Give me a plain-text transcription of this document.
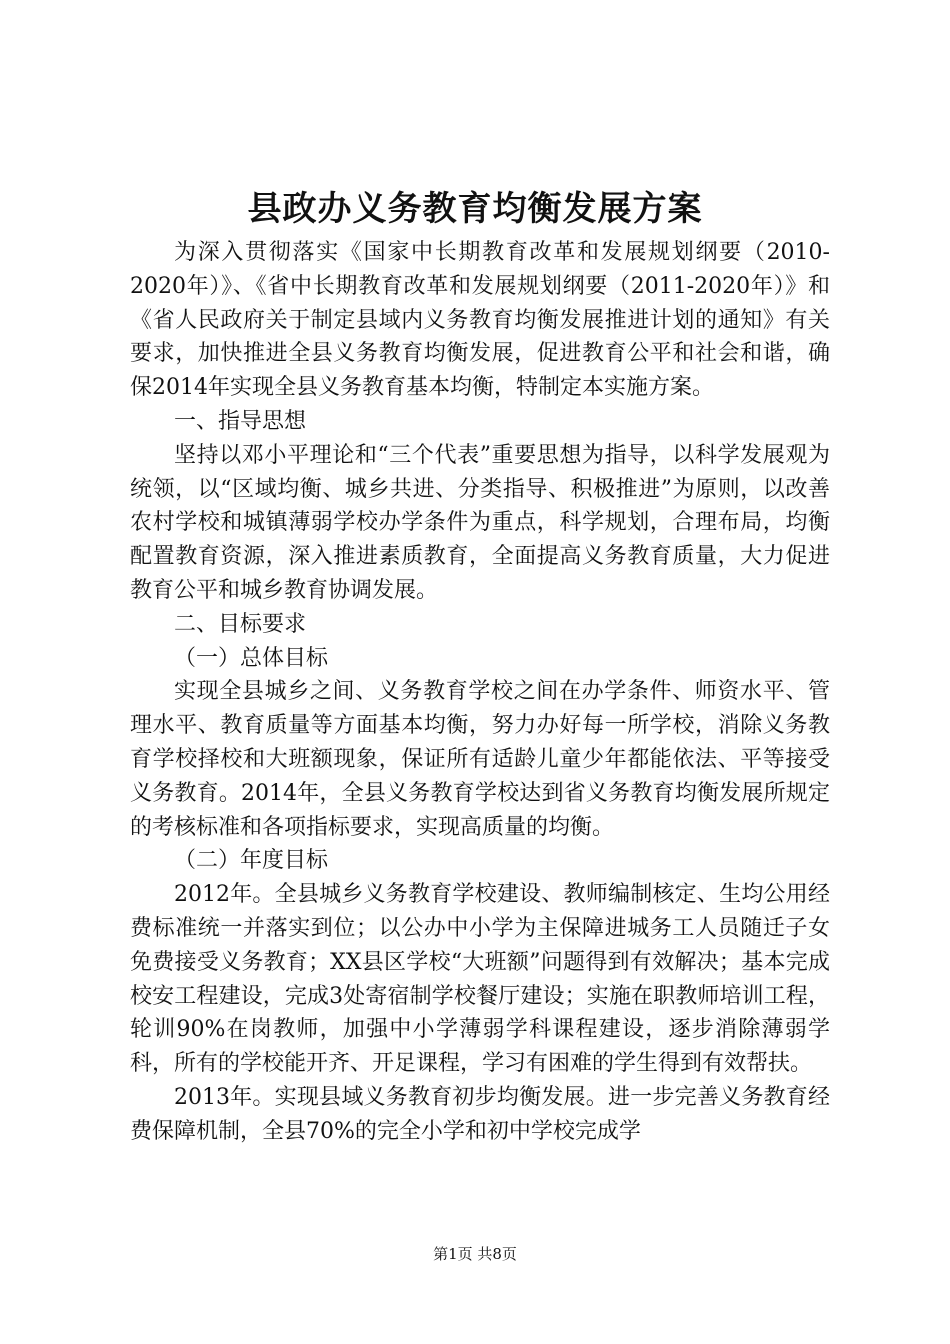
县政办义务教育均衡发展方案

为深入贯彻落实《国家中长期教育改革和发展规划纲要（2010-2020年）》、《省中长期教育改革和发展规划纲要（2011-2020年）》和《省人民政府关于制定县域内义务教育均衡发展推进计划的通知》有关要求，加快推进全县义务教育均衡发展，促进教育公平和社会和谐，确保2014年实现全县义务教育基本均衡，特制定本实施方案。

一、指导思想

坚持以邓小平理论和“三个代表”重要思想为指导，以科学发展观为统领，以“区域均衡、城乡共进、分类指导、积极推进”为原则，以改善农村学校和城镇薄弱学校办学条件为重点，科学规划，合理布局，均衡配置教育资源，深入推进素质教育，全面提高义务教育质量，大力促进教育公平和城乡教育协调发展。

二、目标要求

（一）总体目标

实现全县城乡之间、义务教育学校之间在办学条件、师资水平、管理水平、教育质量等方面基本均衡，努力办好每一所学校，消除义务教育学校择校和大班额现象，保证所有适龄儿童少年都能依法、平等接受义务教育。2014年，全县义务教育学校达到省义务教育均衡发展所规定的考核标准和各项指标要求，实现高质量的均衡。

（二）年度目标

2012年。全县城乡义务教育学校建设、教师编制核定、生均公用经费标准统一并落实到位；以公办中小学为主保障进城务工人员随迁子女免费接受义务教育；XX县区学校“大班额”问题得到有效解决；基本完成校安工程建设，完成3处寄宿制学校餐厅建设；实施在职教师培训工程，轮训90%在岗教师，加强中小学薄弱学科课程建设，逐步消除薄弱学科，所有的学校能开齐、开足课程，学习有困难的学生得到有效帮扶。

2013年。实现县域义务教育初步均衡发展。进一步完善义务教育经费保障机制，全县70%的完全小学和初中学校完成学

第1页 共8页
